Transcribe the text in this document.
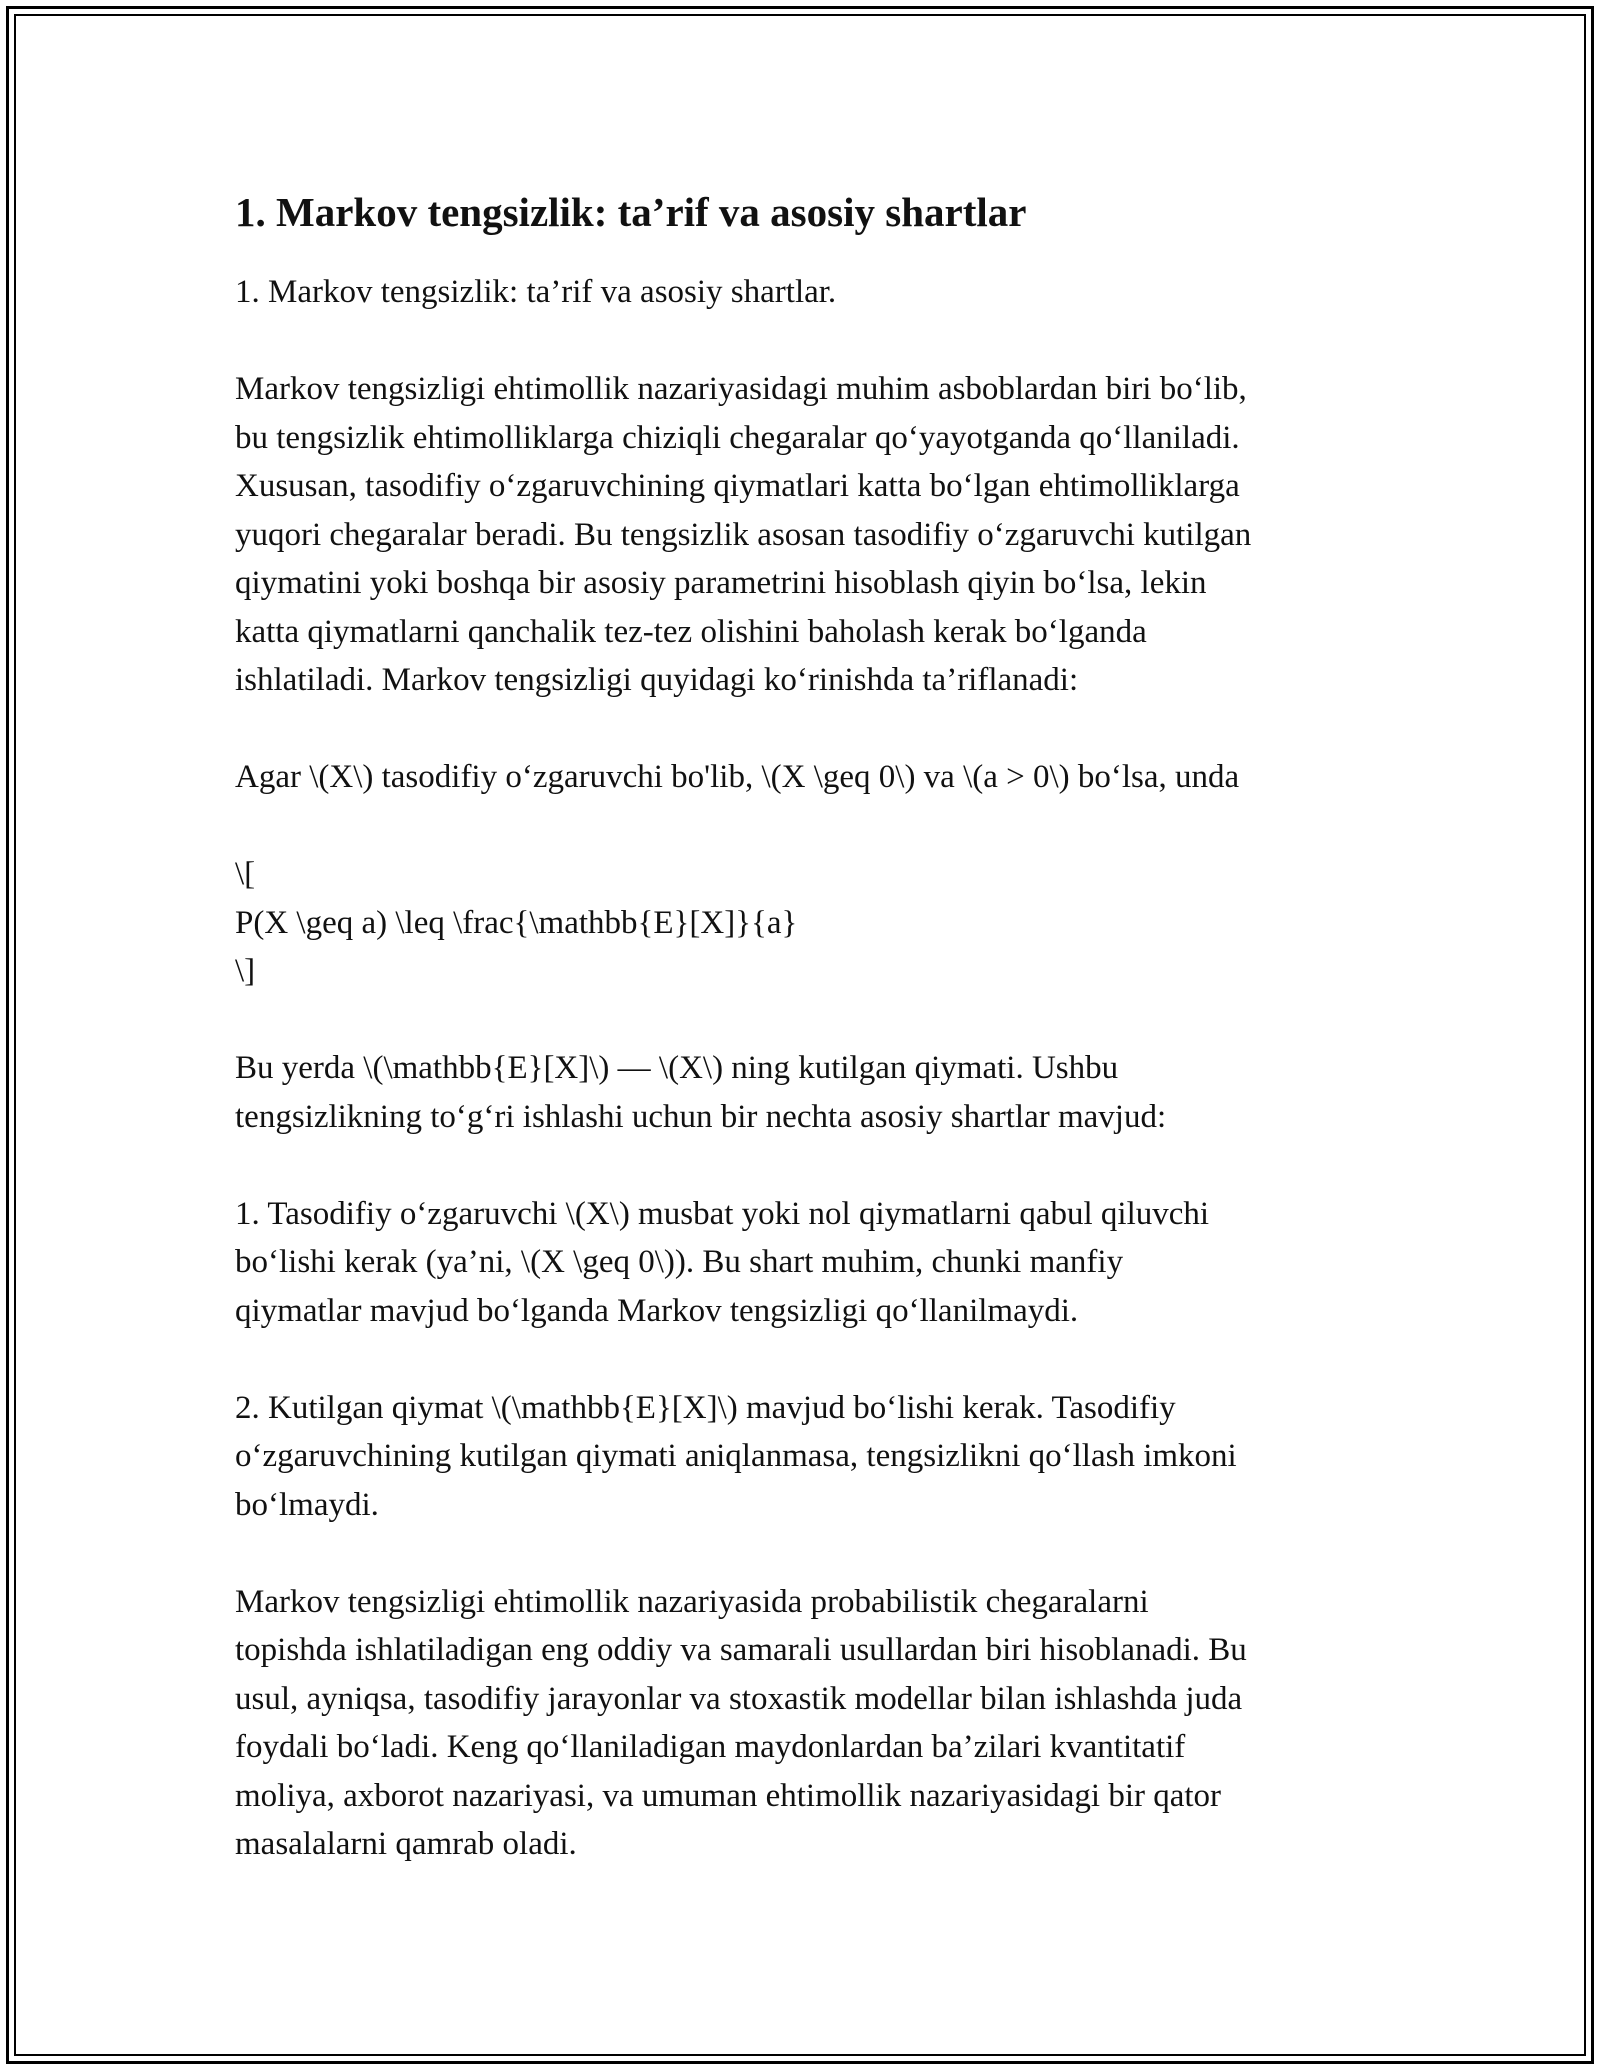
1. Markov tengsizlik: ta’rif va asosiy shartlar

1. Markov tengsizlik: ta’rif va asosiy shartlar.

Markov tengsizligi ehtimollik nazariyasidagi muhim asboblardan biri bo‘lib,
bu tengsizlik ehtimolliklarga chiziqli chegaralar qo‘yayotganda qo‘llaniladi.
Xususan, tasodifiy o‘zgaruvchining qiymatlari katta bo‘lgan ehtimolliklarga
yuqori chegaralar beradi. Bu tengsizlik asosan tasodifiy o‘zgaruvchi kutilgan
qiymatini yoki boshqa bir asosiy parametrini hisoblash qiyin bo‘lsa, lekin
katta qiymatlarni qanchalik tez-tez olishini baholash kerak bo‘lganda
ishlatiladi. Markov tengsizligi quyidagi ko‘rinishda ta’riflanadi:

Agar \(X\) tasodifiy o‘zgaruvchi bo'lib, \(X \geq 0\) va \(a > 0\) bo‘lsa, unda

\[
P(X \geq a) \leq \frac{\mathbb{E}[X]}{a}
\]

Bu yerda \(\mathbb{E}[X]\) — \(X\) ning kutilgan qiymati. Ushbu
tengsizlikning to‘g‘ri ishlashi uchun bir nechta asosiy shartlar mavjud:

1. Tasodifiy o‘zgaruvchi \(X\) musbat yoki nol qiymatlarni qabul qiluvchi
bo‘lishi kerak (ya’ni, \(X \geq 0\)). Bu shart muhim, chunki manfiy
qiymatlar mavjud bo‘lganda Markov tengsizligi qo‘llanilmaydi.

2. Kutilgan qiymat \(\mathbb{E}[X]\) mavjud bo‘lishi kerak. Tasodifiy
o‘zgaruvchining kutilgan qiymati aniqlanmasa, tengsizlikni qo‘llash imkoni
bo‘lmaydi.

Markov tengsizligi ehtimollik nazariyasida probabilistik chegaralarni
topishda ishlatiladigan eng oddiy va samarali usullardan biri hisoblanadi. Bu
usul, ayniqsa, tasodifiy jarayonlar va stoxastik modellar bilan ishlashda juda
foydali bo‘ladi. Keng qo‘llaniladigan maydonlardan ba’zilari kvantitatif
moliya, axborot nazariyasi, va umuman ehtimollik nazariyasidagi bir qator
masalalarni qamrab oladi.
